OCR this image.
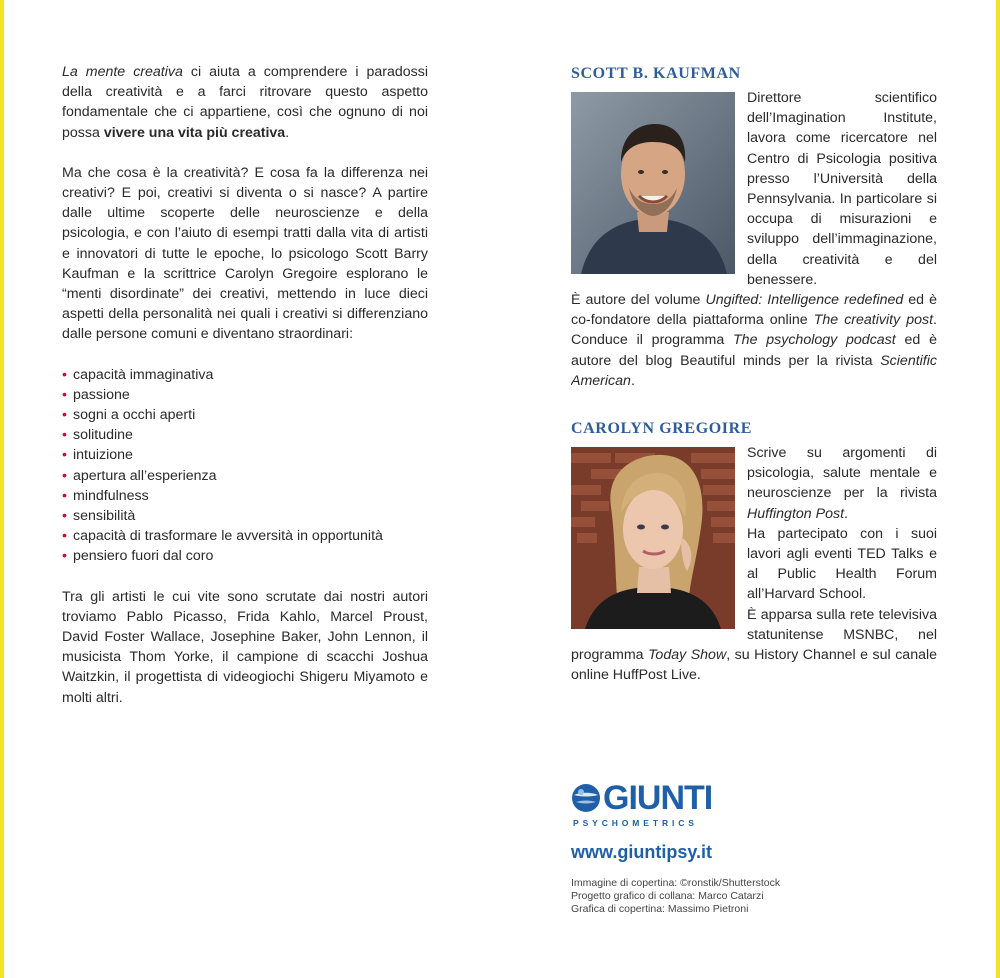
La mente creativa ci aiuta a comprendere i paradossi della creatività e a farci ritrovare questo aspetto fondamentale che ci appartiene, così che ognuno di noi possa vivere una vita più creativa.

Ma che cosa è la creatività? E cosa fa la differenza nei creativi? E poi, creativi si diventa o si nasce? A partire dalle ultime scoperte delle neuroscienze e della psicologia, e con l’aiuto di esempi tratti dalla vita di artisti e innovatori di tutte le epoche, lo psicologo Scott Barry Kaufman e la scrittrice Carolyn Gregoire esplorano le “menti disordinate” dei creativi, mettendo in luce dieci aspetti della personalità nei quali i creativi si differenziano dalle persone comuni e diventano straordinari:

• capacità immaginativa
• passione
• sogni a occhi aperti
• solitudine
• intuizione
• apertura all’esperienza
• mindfulness
• sensibilità
• capacità di trasformare le avversità in opportunità
• pensiero fuori dal coro

Tra gli artisti le cui vite sono scrutate dai nostri autori troviamo Pablo Picasso, Frida Kahlo, Marcel Proust, David Foster Wallace, Josephine Baker, John Lennon, il musicista Thom Yorke, il campione di scacchi Joshua Waitzkin, il progettista di videogiochi Shigeru Miyamoto e molti altri.

SCOTT B. KAUFMAN

Direttore scientifico dell’Imagination Institute, lavora come ricercatore nel Centro di Psicologia positiva presso l’Università della Pennsylvania. In particolare si occupa di misurazioni e sviluppo dell’immaginazione, della creatività e del benessere.

È autore del volume Ungifted: Intelligence redefined ed è co-fondatore della piattaforma online The creativity post. Conduce il programma The psychology podcast ed è autore del blog Beautiful minds per la rivista Scientific American.

CAROLYN GREGOIRE

Scrive su argomenti di psicologia, salute mentale e neuroscienze per la rivista Huffington Post.

Ha partecipato con i suoi lavori agli eventi TED Talks e al Public Health Forum all’Harvard School.

È apparsa sulla rete televisiva statunitense MSNBC, nel programma Today Show, su History Channel e sul canale online HuffPost Live.

GIUNTI
PSYCHOMETRICS
www.giuntipsy.it
Immagine di copertina: ©ronstik/Shutterstock
Progetto grafico di collana: Marco Catarzi
Grafica di copertina: Massimo Pietroni
